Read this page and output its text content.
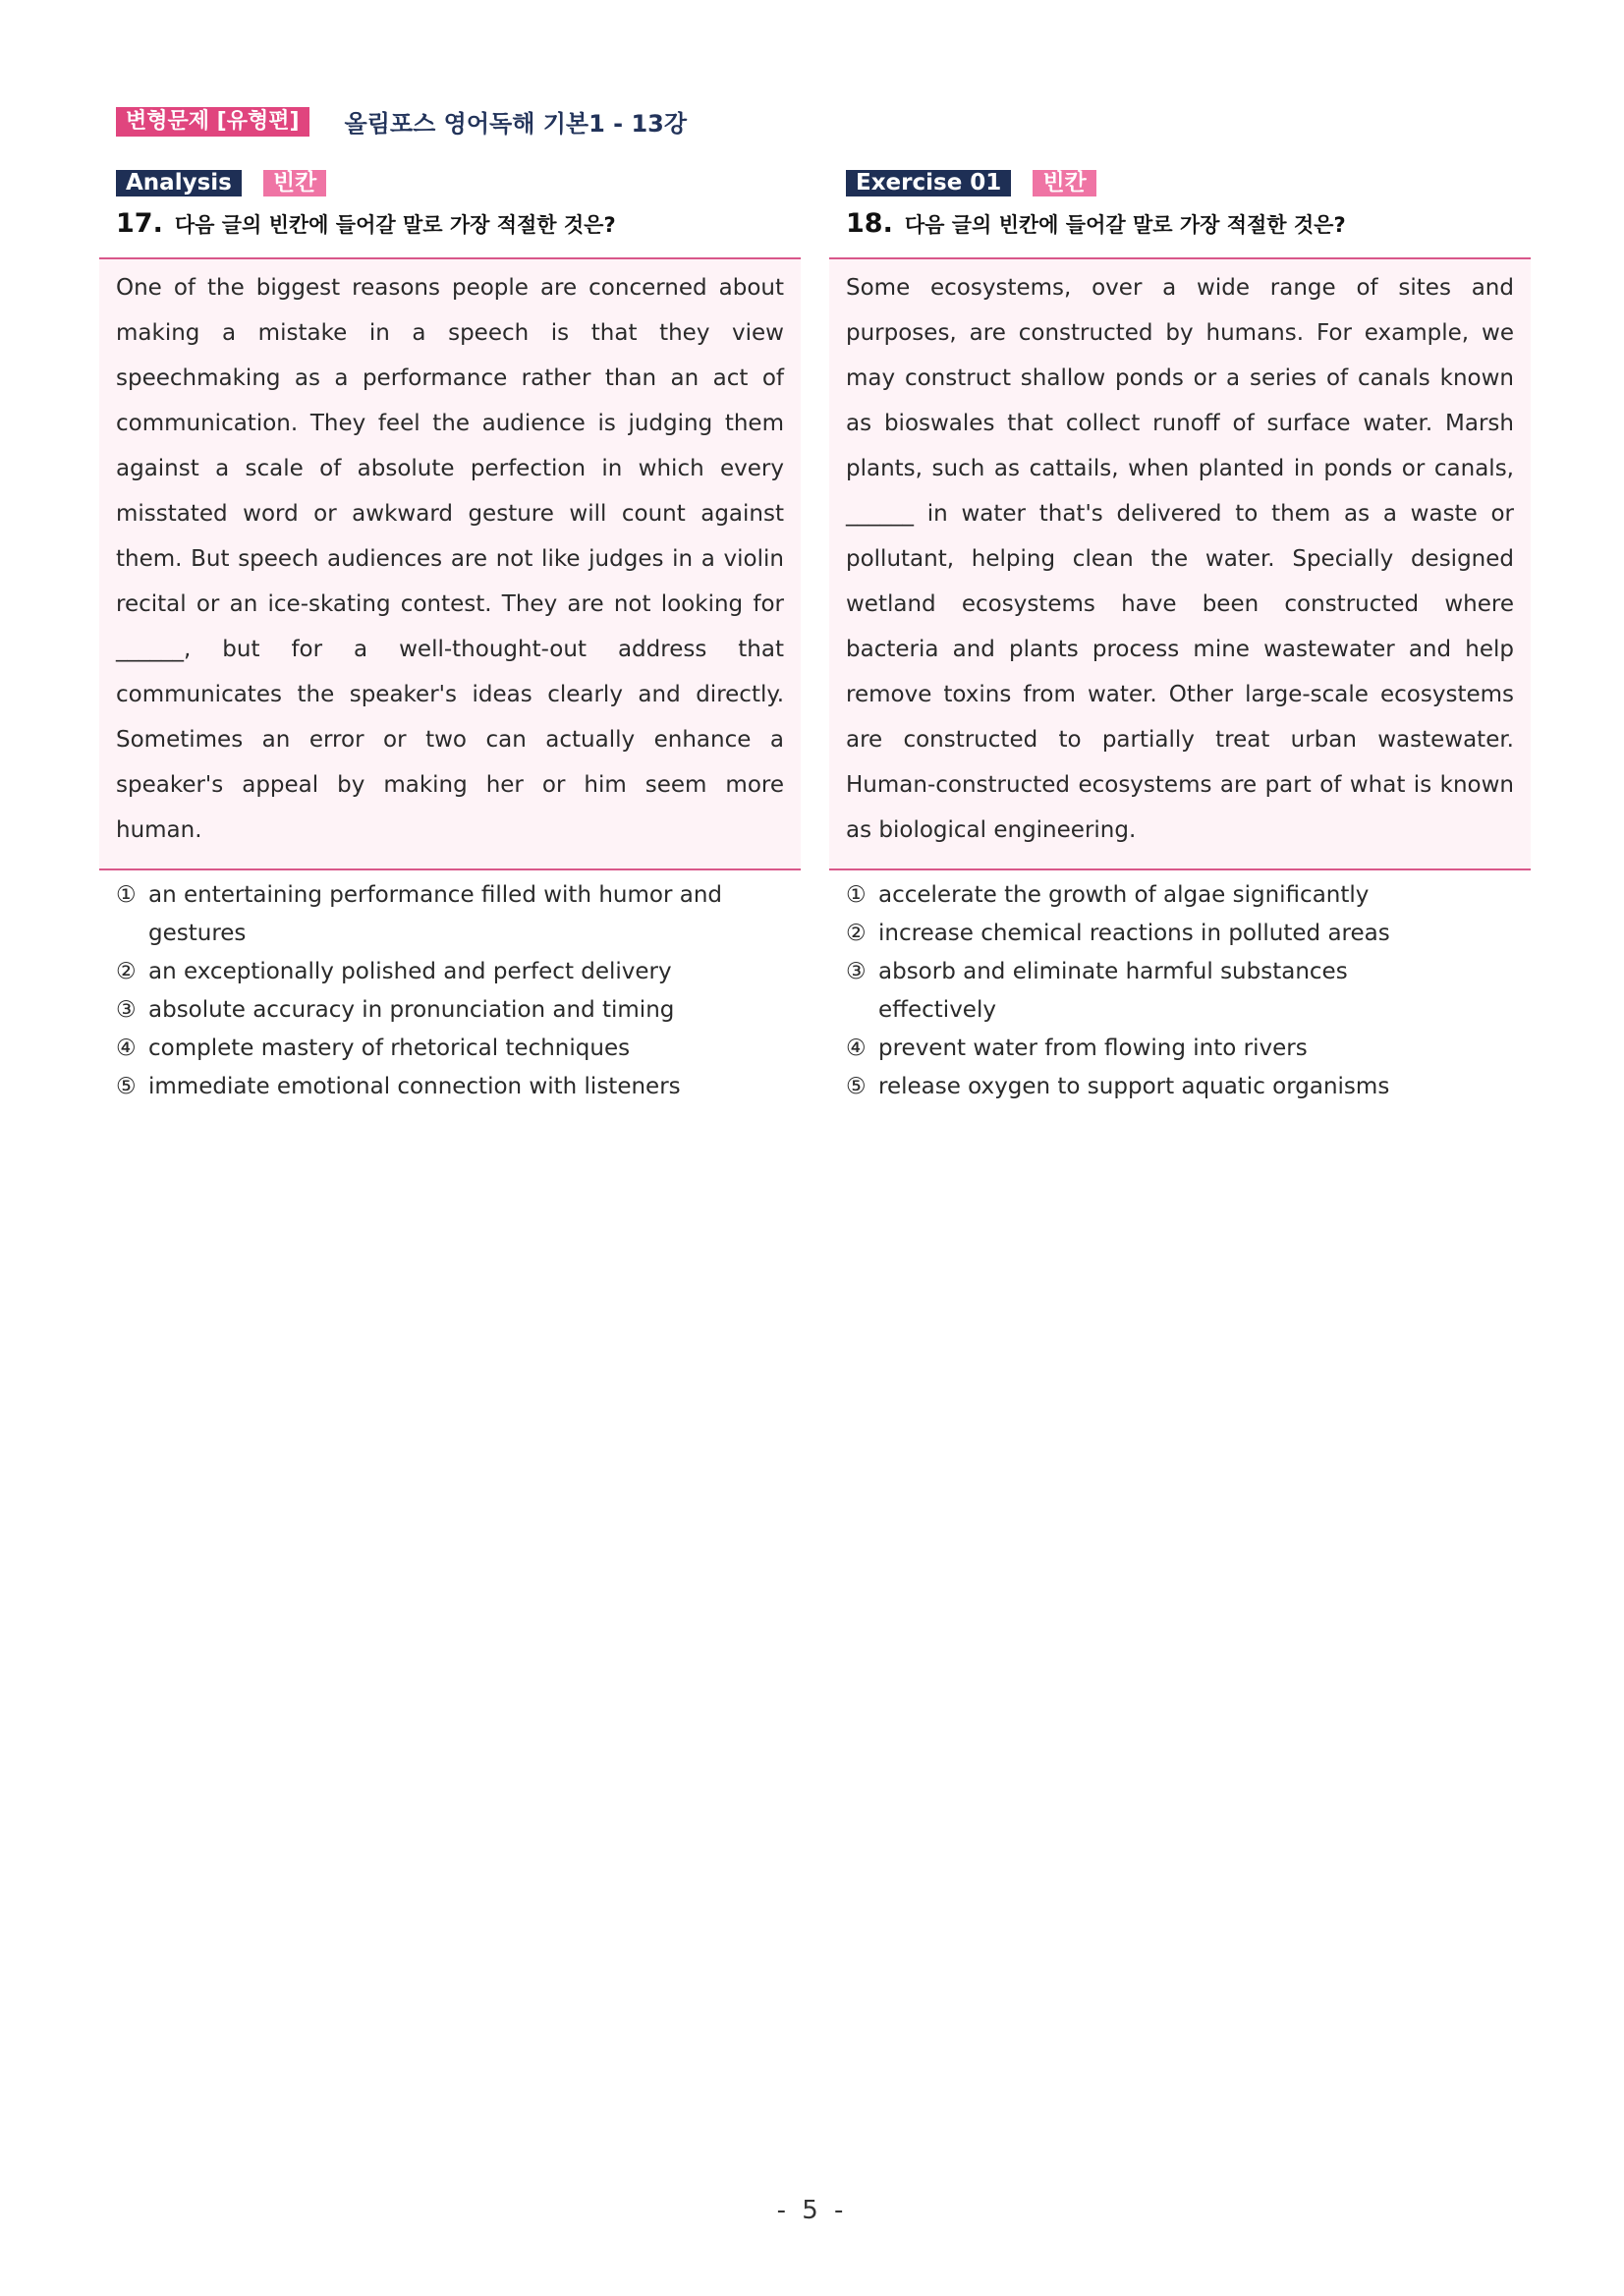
변형문제 [유형편]	올림포스 영어독해 기본1 - 13강
Analysis	빈칸
17. 다음 글의 빈칸에 들어갈 말로 가장 적절한 것은?
One of the biggest reasons people are concerned about making a mistake in a speech is that they view speechmaking as a performance rather than an act of communication. They feel the audience is judging them against a scale of absolute perfection in which every misstated word or awkward gesture will count against them. But speech audiences are not like judges in a violin recital or an ice-skating contest. They are not looking for ______, but for a well-thought-out address that communicates the speaker's ideas clearly and directly. Sometimes an error or two can actually enhance a speaker's appeal by making her or him seem more human.
① an entertaining performance filled with humor and gestures
② an exceptionally polished and perfect delivery
③ absolute accuracy in pronunciation and timing
④ complete mastery of rhetorical techniques
⑤ immediate emotional connection with listeners
Exercise 01	빈칸
18. 다음 글의 빈칸에 들어갈 말로 가장 적절한 것은?
Some ecosystems, over a wide range of sites and purposes, are constructed by humans. For example, we may construct shallow ponds or a series of canals known as bioswales that collect runoff of surface water. Marsh plants, such as cattails, when planted in ponds or canals, ______ in water that's delivered to them as a waste or pollutant, helping clean the water. Specially designed wetland ecosystems have been constructed where bacteria and plants process mine wastewater and help remove toxins from water. Other large-scale ecosystems are constructed to partially treat urban wastewater. Human-constructed ecosystems are part of what is known as biological engineering.
① accelerate the growth of algae significantly
② increase chemical reactions in polluted areas
③ absorb and eliminate harmful substances effectively
④ prevent water from flowing into rivers
⑤ release oxygen to support aquatic organisms
- 5 -
